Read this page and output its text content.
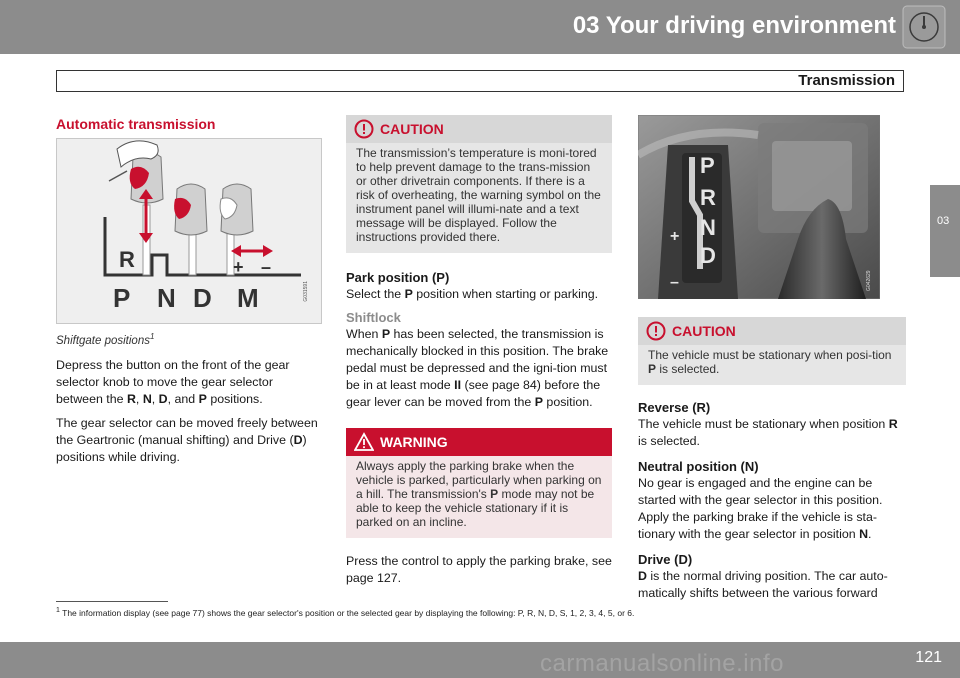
03 Your driving environment
Transmission
03
Automatic transmission
R	+ –
P N D M	G031591
Shiftgate positions$^1$
Depress the button on the front of the gear selector knob to move the gear selector between the R, N, D, and P positions.
The gear selector can be moved freely between the Geartronic (manual shifting) and Drive (D) positions while driving.
CAUTION
The transmission’s temperature is moni-tored to help prevent damage to the trans-mission or other drivetrain components. If there is a risk of overheating, the warning symbol on the instrument panel will illumi-nate and a text message will be displayed. Follow the instructions provided there.
Park position (P)
Select the P position when starting or parking.
Shiftlock
When P has been selected, the transmission is mechanically blocked in this position. The brake pedal must be depressed and the igni-tion must be in at least mode II (see page 84) before the gear lever can be moved from the P position.
WARNING
Always apply the parking brake when the vehicle is parked, particularly when parking on a hill. The transmission's P mode may not be able to keep the vehicle stationary if it is parked on an incline.
Press the control to apply the parking brake, see page 127.
P
R
N
D
+
–	G042629
CAUTION
The vehicle must be stationary when posi-tion P is selected.
Reverse (R)
The vehicle must be stationary when position R is selected.
Neutral position (N)
No gear is engaged and the engine can be started with the gear selector in this position. Apply the parking brake if the vehicle is sta-tionary with the gear selector in position N.
Drive (D)
D is the normal driving position. The car auto-matically shifts between the various forward
$^1$ The information display (see page 77) shows the gear selector's position or the selected gear by displaying the following: P, R, N, D, S, 1, 2, 3, 4, 5, or 6.
carmanualsonline.info	121
